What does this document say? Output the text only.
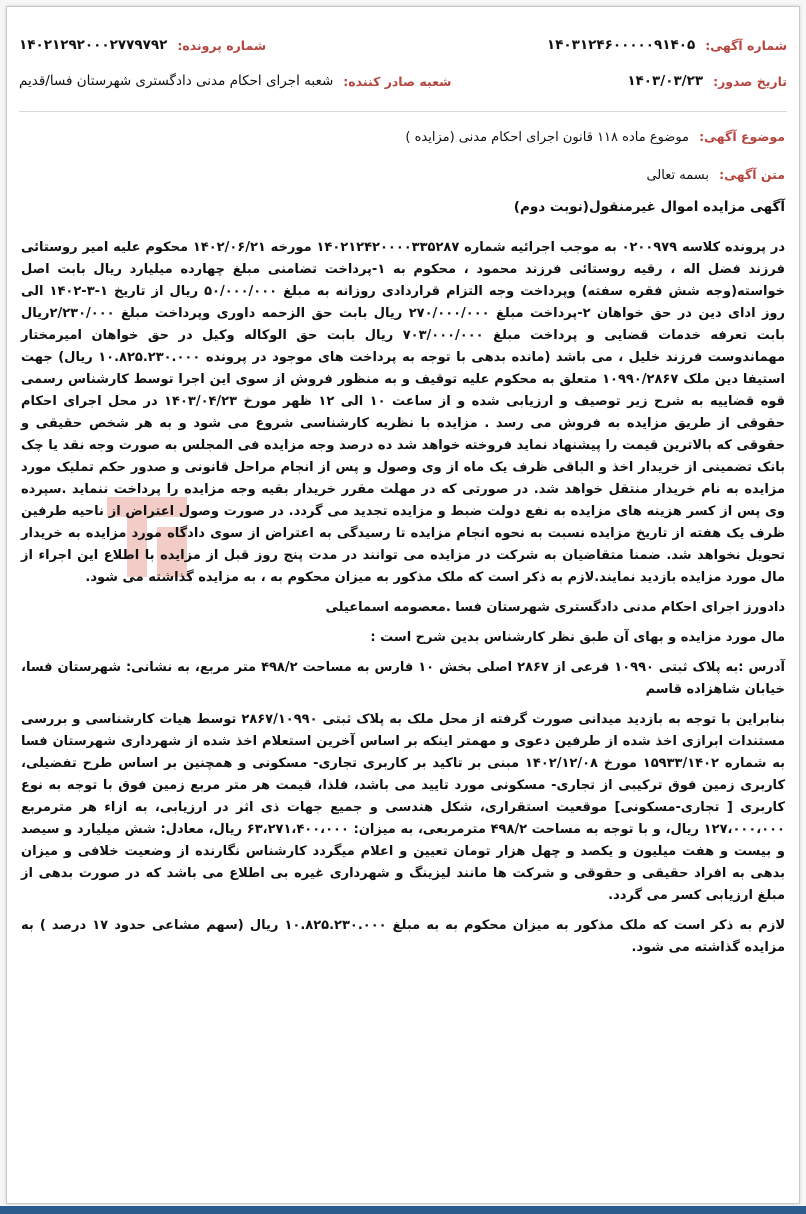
شماره آگهی:
۱۴۰۳۱۲۴۶۰۰۰۰۰۹۱۴۰۵
شماره پرونده:
۱۴۰۲۱۲۹۲۰۰۰۲۷۷۹۷۹۲
تاریخ صدور:
۱۴۰۳/۰۳/۲۳
شعبه صادر کننده:
شعبه اجرای احکام مدنی دادگستری شهرستان فسا/قدیم
موضوع آگهی: موضوع ماده ۱۱۸ قانون اجرای احکام مدنی (مزایده )
متن آگهی: بسمه تعالی
آگهی مزایده اموال غیرمنقول(نوبت دوم)

در پرونده کلاسه ۰۲۰۰۹۷۹ به موجب اجرائیه شماره ۱۴۰۲۱۲۴۲۰۰۰۰۳۳۵۲۸۷ مورخه ۱۴۰۲/۰۶/۲۱ محکوم علیه امیر روستائی فرزند فضل اله ، رقیه روستائی فرزند محمود ، محکوم به ۱-پرداخت تضامنی مبلغ چهارده میلیارد ریال بابت اصل خواسته(وجه شش فقره سفته) وپرداخت وجه التزام قراردادی روزانه به مبلغ ۵۰/۰۰۰/۰۰۰ ریال از تاریخ ۱-۳-۱۴۰۲ الی روز ادای دین در حق خواهان ۲-پرداخت مبلغ ۲۷۰/۰۰۰/۰۰۰ ریال بابت حق الزحمه داوری وپرداخت مبلغ ۲/۲۳۰/۰۰۰ریال بابت تعرفه خدمات قضایی و پرداخت مبلغ ۷۰۳/۰۰۰/۰۰۰ ریال بابت حق الوکاله وکیل در حق خواهان امیرمختار مهماندوست فرزند خلیل ، می باشد (مانده بدهی با توجه به پرداخت های موجود در پرونده ۱۰.۸۲۵.۲۳۰.۰۰۰ ریال) جهت استیفا دین ملک ۱۰۹۹۰/۲۸۶۷ متعلق به محکوم علیه توقیف و به منظور فروش از سوی این اجرا توسط کارشناس رسمی قوه قضاییه به شرح زیر توصیف و ارزیابی شده و از ساعت ۱۰ الی ۱۲ ظهر مورخ ۱۴۰۳/۰۴/۲۳ در محل اجرای احکام حقوقی از طریق مزایده به فروش می رسد . مزایده با نظریه کارشناسی شروع می شود و به هر شخص حقیقی و حقوقی که بالاترین قیمت را پیشنهاد نماید فروخته خواهد شد ده درصد وجه مزایده فی المجلس به صورت وجه نقد یا چک بانک تضمینی از خریدار اخذ و الباقی ظرف یک ماه از وی وصول و پس از انجام مراحل قانونی و صدور حکم تملیک مورد مزایده به نام خریدار منتقل خواهد شد. در صورتی که در مهلت مقرر خریدار بقیه وجه مزایده را پرداخت ننماید .سپرده وی پس از کسر هزینه های مزایده به نفع دولت ضبط و مزایده تجدید می گردد. در صورت وصول اعتراض از ناحیه طرفین ظرف یک هفته از تاریخ مزایده نسبت به نحوه انجام مزایده تا رسیدگی به اعتراض از سوی دادگاه مورد مزایده به خریدار تحویل نخواهد شد. ضمنا متقاضیان به شرکت در مزایده می توانند در مدت پنج روز قبل از مزایده با اطلاع این اجراء از مال مورد مزایده بازدید نمایند.لازم به ذکر است که ملک مذکور به میزان محکوم به ، به مزایده گذاشته می شود.

دادورز اجرای احکام مدنی دادگستری شهرستان فسا .معصومه اسماعیلی

مال مورد مزایده و بهای آن طبق نظر کارشناس بدین شرح است :

آدرس :به پلاک ثبتی ۱۰۹۹۰ فرعی از ۲۸۶۷ اصلی بخش ۱۰ فارس به مساحت ۴۹۸/۲ متر مربع، به نشانی: شهرستان فسا، خیابان شاهزاده قاسم

بنابراین با توجه به بازدید میدانی صورت گرفته از محل ملک به پلاک ثبتی ۲۸۶۷/۱۰۹۹۰ توسط هیات کارشناسی و بررسی مستندات ابرازی اخذ شده از طرفین دعوی و مهمتر اینکه بر اساس آخرین استعلام اخذ شده از شهرداری شهرستان فسا به شماره ۱۵۹۳۳/۱۴۰۲ مورخ ۱۴۰۲/۱۲/۰۸ مبنی بر تاکید بر کاربری تجاری- مسکونی و همچنین بر اساس طرح تفضیلی، کاربری زمین فوق ترکیبی از تجاری- مسکونی مورد تایید می باشد، فلذا، قیمت هر متر مربع زمین فوق با توجه به نوع کاربری [ تجاری-مسکونی] موقعیت استقراری، شکل هندسی و جمیع جهات ذی اثر در ارزیابی، به ازاء هر مترمربع ۱۲۷،۰۰۰،۰۰۰ ریال، و با توجه به مساحت ۴۹۸/۲ مترمربعی، به میزان: ۶۳،۲۷۱،۴۰۰،۰۰۰ ریال، معادل: شش میلیارد و سیصد و بیست و هفت میلیون و یکصد و چهل هزار تومان تعیین و اعلام میگردد کارشناس نگارنده از وضعیت خلافی و میزان بدهی به افراد حقیقی و حقوقی و شرکت ها مانند لیزینگ و شهرداری غیره بی اطلاع می باشد که در صورت بدهی از مبلغ ارزیابی کسر می گردد.

لازم به ذکر است که ملک مذکور به میزان محکوم به به مبلغ ۱۰.۸۲۵.۲۳۰.۰۰۰ ریال (سهم مشاعی حدود ۱۷ درصد ) به مزایده گذاشته می شود.
